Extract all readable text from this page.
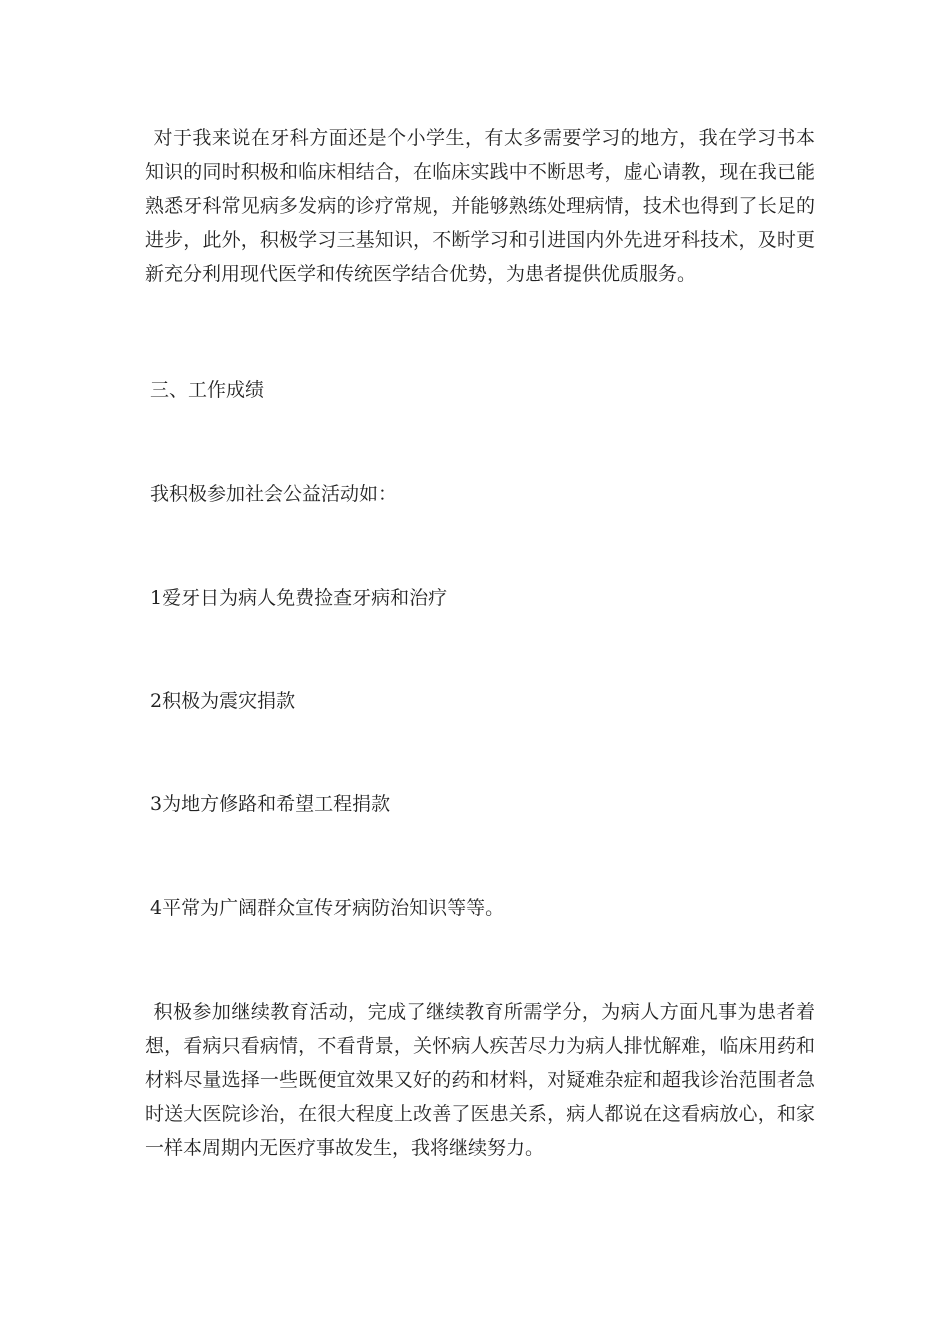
对于我来说在牙科方面还是个小学生，有太多需要学习的地方，我在学习书本知识的同时积极和临床相结合，在临床实践中不断思考，虚心请教，现在我已能熟悉牙科常见病多发病的诊疗常规，并能够熟练处理病情，技术也得到了长足的进步，此外，积极学习三基知识，不断学习和引进国内外先进牙科技术，及时更新充分利用现代医学和传统医学结合优势，为患者提供优质服务。

三、工作成绩

我积极参加社会公益活动如：

1爱牙日为病人免费捡查牙病和治疗

2积极为震灾捐款

3为地方修路和希望工程捐款

4平常为广阔群众宣传牙病防治知识等等。

积极参加继续教育活动，完成了继续教育所需学分，为病人方面凡事为患者着想，看病只看病情，不看背景，关怀病人疾苦尽力为病人排忧解难，临床用药和材料尽量选择一些既便宜效果又好的药和材料，对疑难杂症和超我诊治范围者急时送大医院诊治，在很大程度上改善了医患关系，病人都说在这看病放心，和家一样本周期内无医疗事故发生，我将继续努力。
